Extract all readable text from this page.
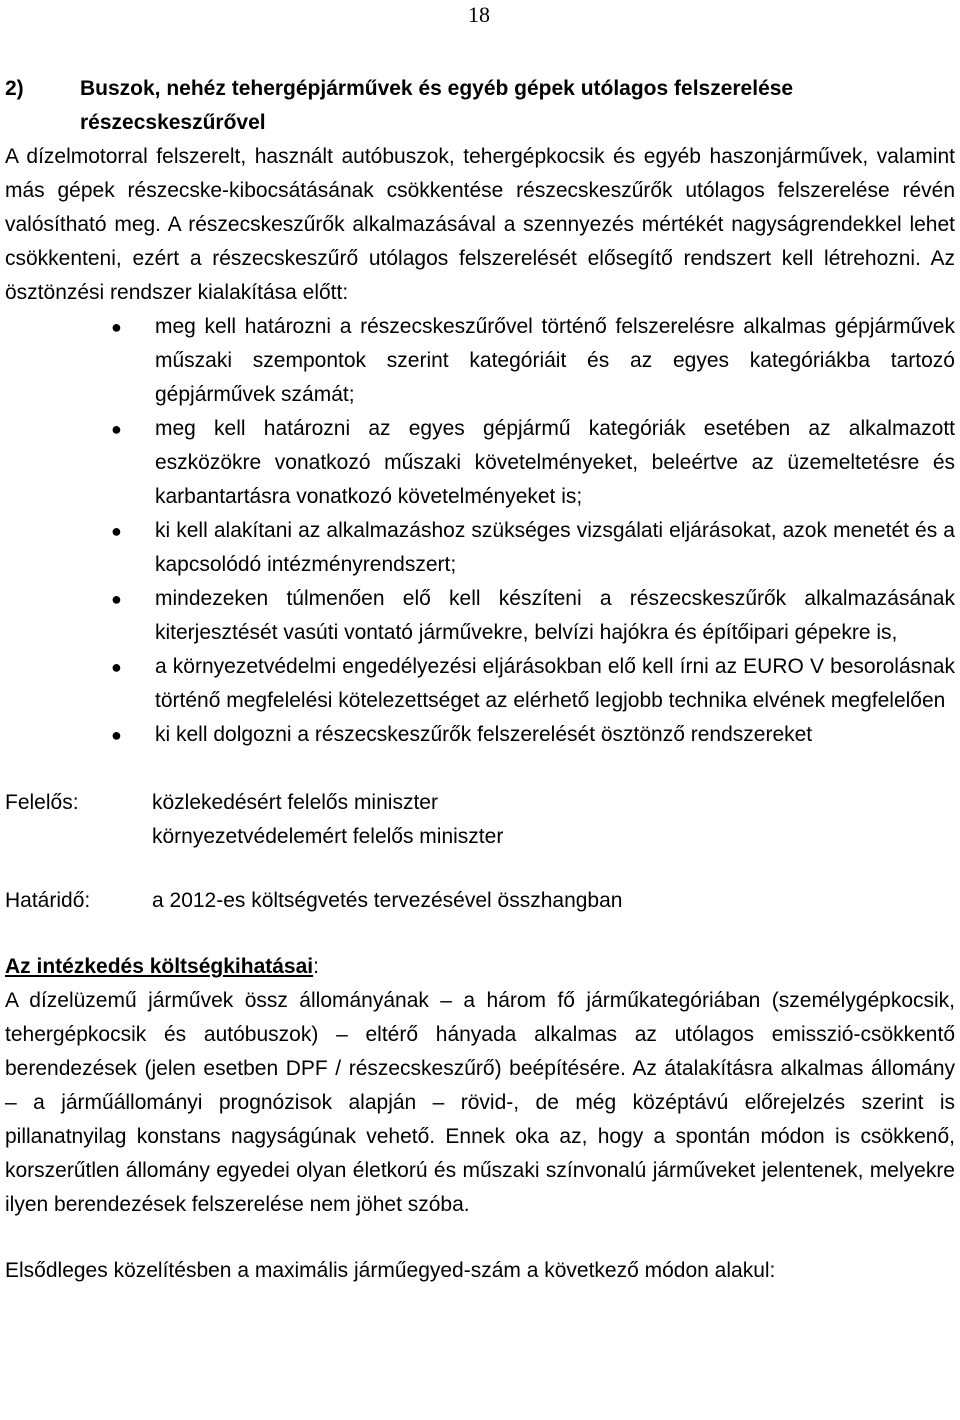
18
2)	Buszok, nehéz tehergépjárművek és egyéb gépek utólagos felszerelése
részecskeszűrővel

A dízelmotorral felszerelt, használt autóbuszok, tehergépkocsik és egyéb haszonjárművek, valamint más gépek részecske-kibocsátásának csökkentése részecskeszűrők utólagos felszerelése révén valósítható meg. A részecskeszűrők alkalmazásával a szennyezés mértékét nagyságrendekkel lehet csökkenteni, ezért a részecskeszűrő utólagos felszerelését elősegítő rendszert kell létrehozni. Az ösztönzési rendszer kialakítása előtt:

● meg kell határozni a részecskeszűrővel történő felszerelésre alkalmas gépjárművek műszaki szempontok szerint kategóriáit és az egyes kategóriákba tartozó gépjárművek számát;
● meg kell határozni az egyes gépjármű kategóriák esetében az alkalmazott eszközökre vonatkozó műszaki követelményeket, beleértve az üzemeltetésre és karbantartásra vonatkozó követelményeket is;
● ki kell alakítani az alkalmazáshoz szükséges vizsgálati eljárásokat, azok menetét és a kapcsolódó intézményrendszert;
● mindezeken túlmenően elő kell készíteni a részecskeszűrők alkalmazásának kiterjesztését vasúti vontató járművekre, belvízi hajókra és építőipari gépekre is,
● a környezetvédelmi engedélyezési eljárásokban elő kell írni az EURO V besorolásnak történő megfelelési kötelezettséget az elérhető legjobb technika elvének megfelelően
● ki kell dolgozni a részecskeszűrők felszerelését ösztönző rendszereket
Felelős:	közlekedésért felelős miniszter
környezetvédelemért felelős miniszter
Határidő:	a 2012-es költségvetés tervezésével összhangban

Az intézkedés költségkihatásai:

A dízelüzemű járművek össz állományának – a három fő járműkategóriában (személygépkocsik, tehergépkocsik és autóbuszok) – eltérő hányada alkalmas az utólagos emisszió-csökkentő berendezések (jelen esetben DPF / részecskeszűrő) beépítésére. Az átalakításra alkalmas állomány – a járműállományi prognózisok alapján – rövid-, de még középtávú előrejelzés szerint is pillanatnyilag konstans nagyságúnak vehető. Ennek oka az, hogy a spontán módon is csökkenő, korszerűtlen állomány egyedei olyan életkorú és műszaki színvonalú járműveket jelentenek, melyekre ilyen berendezések felszerelése nem jöhet szóba.

Elsődleges közelítésben a maximális járműegyed-szám a következő módon alakul:
